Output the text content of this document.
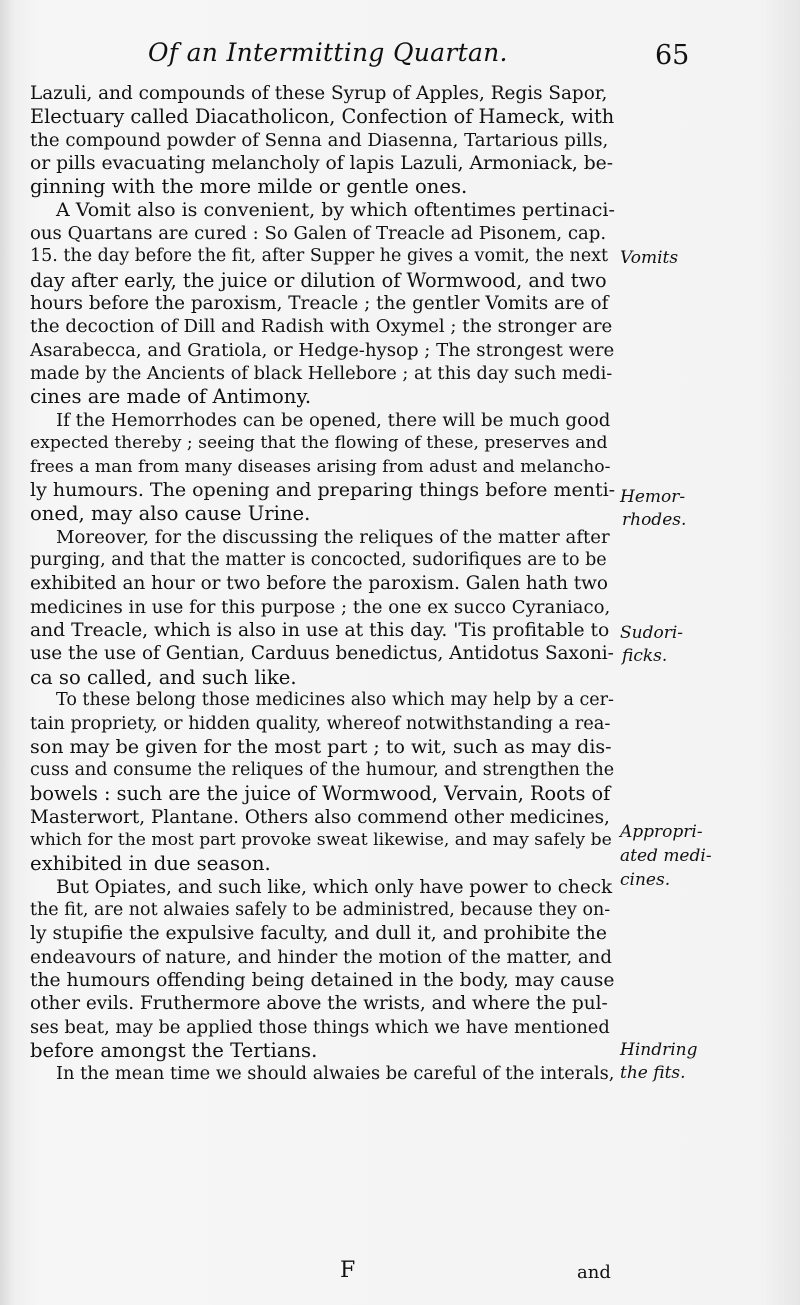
Of an Intermitting Quartan.	65
Lazuli, and compounds of these Syrup of Apples, Regis Sapor,
Electuary called Diacatholicon, Confection of Hameck, with
the compound powder of Senna and Diasenna, Tartarious pills,
or pills evacuating melancholy of lapis Lazuli, Armoniack, be-
ginning with the more milde or gentle ones.
A Vomit also is convenient, by which oftentimes pertinaci-
ous Quartans are cured : So Galen of Treacle ad Pisonem, cap.
15. the day before the fit, after Supper he gives a vomit, the next
day after early, the juice or dilution of Wormwood, and two
hours before the paroxism, Treacle ; the gentler Vomits are of
the decoction of Dill and Radish with Oxymel ; the stronger are
Asarabecca, and Gratiola, or Hedge-hysop ; The strongest were
made by the Ancients of black Hellebore ; at this day such medi-
cines are made of Antimony.
If the Hemorrhodes can be opened, there will be much good
expected thereby ; seeing that the flowing of these, preserves and
frees a man from many diseases arising from adust and melancho-
ly humours. The opening and preparing things before menti-
oned, may also cause Urine.
Moreover, for the discussing the reliques of the matter after
purging, and that the matter is concocted, sudorifiques are to be
exhibited an hour or two before the paroxism. Galen hath two
medicines in use for this purpose ; the one ex succo Cyraniaco,
and Treacle, which is also in use at this day. 'Tis profitable to
use the use of Gentian, Carduus benedictus, Antidotus Saxoni-
ca so called, and such like.
To these belong those medicines also which may help by a cer-
tain propriety, or hidden quality, whereof notwithstanding a rea-
son may be given for the most part ; to wit, such as may dis-
cuss and consume the reliques of the humour, and strengthen the
bowels : such are the juice of Wormwood, Vervain, Roots of
Masterwort, Plantane. Others also commend other medicines,
which for the most part provoke sweat likewise, and may safely be
exhibited in due season.
But Opiates, and such like, which only have power to check
the fit, are not alwaies safely to be administred, because they on-
ly stupifie the expulsive faculty, and dull it, and prohibite the
endeavours of nature, and hinder the motion of the matter, and
the humours offending being detained in the body, may cause
other evils. Fruthermore above the wrists, and where the pul-
ses beat, may be applied those things which we have mentioned
before amongst the Tertians.
In the mean time we should alwaies be careful of the interals,
Vomits
Hemor-
rhodes.
Sudori-
ficks.
Appropri-
ated medi-
cines.
Hindring
the fits.
F	and
